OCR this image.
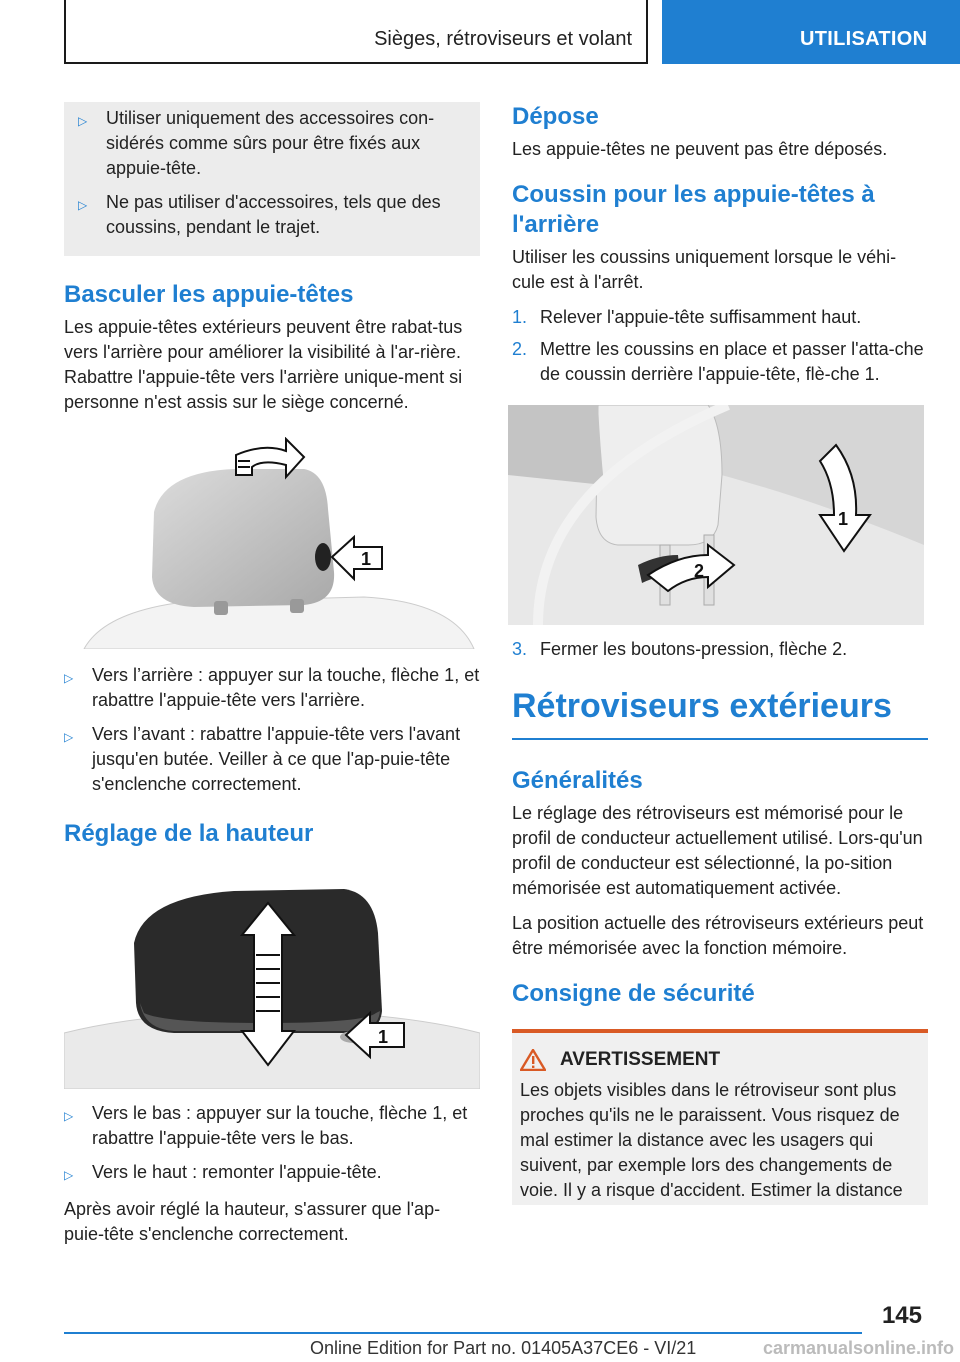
Sièges, rétroviseurs et volant	UTILISATION
▷	Utiliser uniquement des accessoires con-sidérés comme sûrs pour être fixés aux appuie-tête.
▷	Ne pas utiliser d'accessoires, tels que des coussins, pendant le trajet.
Basculer les appuie-têtes

Les appuie-têtes extérieurs peuvent être rabat-tus vers l'arrière pour améliorer la visibilité à l'ar-rière. Rabattre l'appuie-tête vers l'arrière unique-ment si personne n'est assis sur le siège concerné.

1
▷	Vers l’arrière : appuyer sur la touche, flèche 1, et rabattre l'appuie-tête vers l'arrière.
▷	Vers l’avant : rabattre l'appuie-tête vers l'avant jusqu'en butée. Veiller à ce que l'ap-puie-tête s'enclenche correctement.
Réglage de la hauteur
1
▷	Vers le bas : appuyer sur la touche, flèche 1, et rabattre l'appuie-tête vers le bas.
▷	Vers le haut : remonter l'appuie-tête.

Après avoir réglé la hauteur, s'assurer que l'ap-puie-tête s'enclenche correctement.

Dépose

Les appuie-têtes ne peuvent pas être déposés.

Coussin pour les appuie-têtes à l'arrière

Utiliser les coussins uniquement lorsque le véhi-cule est à l'arrêt.

1. Relever l'appuie-tête suffisamment haut.
2. Mettre les coussins en place et passer l'atta-che de coussin derrière l'appuie-tête, flè-che 1.
1
2
3. Fermer les boutons-pression, flèche 2.
Rétroviseurs extérieurs
Généralités

Le réglage des rétroviseurs est mémorisé pour le profil de conducteur actuellement utilisé. Lors-qu'un profil de conducteur est sélectionné, la po-sition mémorisée est automatiquement activée.

La position actuelle des rétroviseurs extérieurs peut être mémorisée avec la fonction mémoire.

Consigne de sécurité
AVERTISSEMENT

Les objets visibles dans le rétroviseur sont plus proches qu'ils ne le paraissent. Vous risquez de mal estimer la distance avec les usagers qui suivent, par exemple lors des changements de voie. Il y a risque d'accident. Estimer la distance

145
Online Edition for Part no. 01405A37CE6 - VI/21	carmanualsonline.info
